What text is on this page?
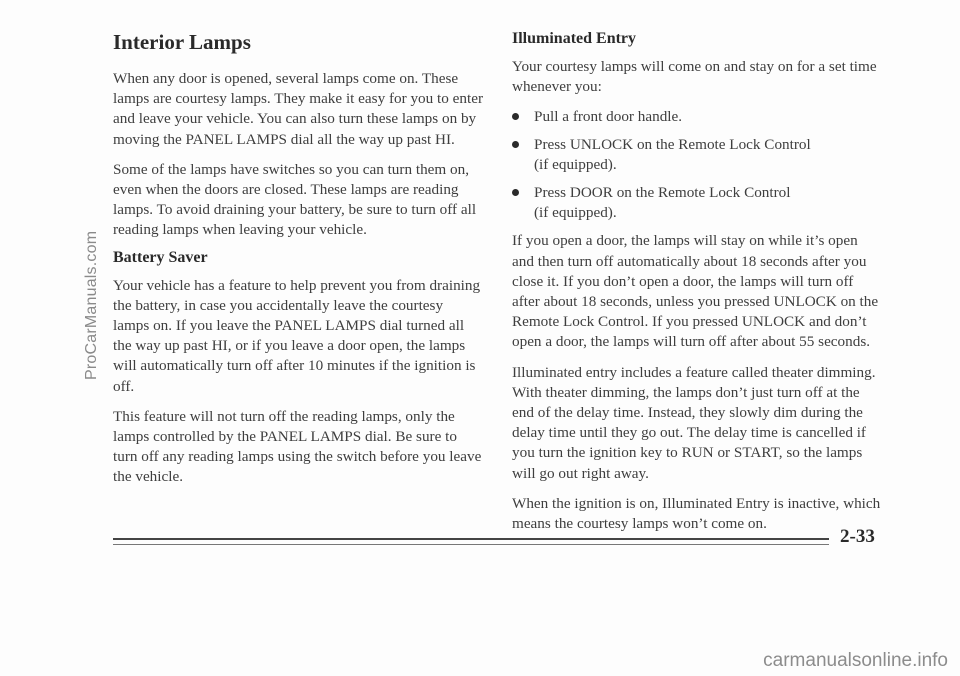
Interior Lamps

When any door is opened, several lamps come on. These lamps are courtesy lamps. They make it easy for you to enter and leave your vehicle. You can also turn these lamps on by moving the PANEL LAMPS dial all the way up past HI.

Some of the lamps have switches so you can turn them on, even when the doors are closed. These lamps are reading lamps. To avoid draining your battery, be sure to turn off all reading lamps when leaving your vehicle.

Battery Saver

Your vehicle has a feature to help prevent you from draining the battery, in case you accidentally leave the courtesy lamps on. If you leave the PANEL LAMPS dial turned all the way up past HI, or if you leave a door open, the lamps will automatically turn off after 10 minutes if the ignition is off.

This feature will not turn off the reading lamps, only the lamps controlled by the PANEL LAMPS dial. Be sure to turn off any reading lamps using the switch before you leave the vehicle.

Illuminated Entry

Your courtesy lamps will come on and stay on for a set time whenever you:

Pull a front door handle.
Press UNLOCK on the Remote Lock Control
(if equipped).
Press DOOR on the Remote Lock Control
(if equipped).

If you open a door, the lamps will stay on while it’s open and then turn off automatically about 18 seconds after you close it. If you don’t open a door, the lamps will turn off after about 18 seconds, unless you pressed UNLOCK on the Remote Lock Control. If you pressed UNLOCK and don’t open a door, the lamps will turn off after about 55 seconds.

Illuminated entry includes a feature called theater dimming. With theater dimming, the lamps don’t just turn off at the end of the delay time. Instead, they slowly dim during the delay time until they go out. The delay time is cancelled if you turn the ignition key to RUN or START, so the lamps will go out right away.

When the ignition is on, Illuminated Entry is inactive, which means the courtesy lamps won’t come on.

2-33
ProCarManuals.com
carmanualsonline.info
